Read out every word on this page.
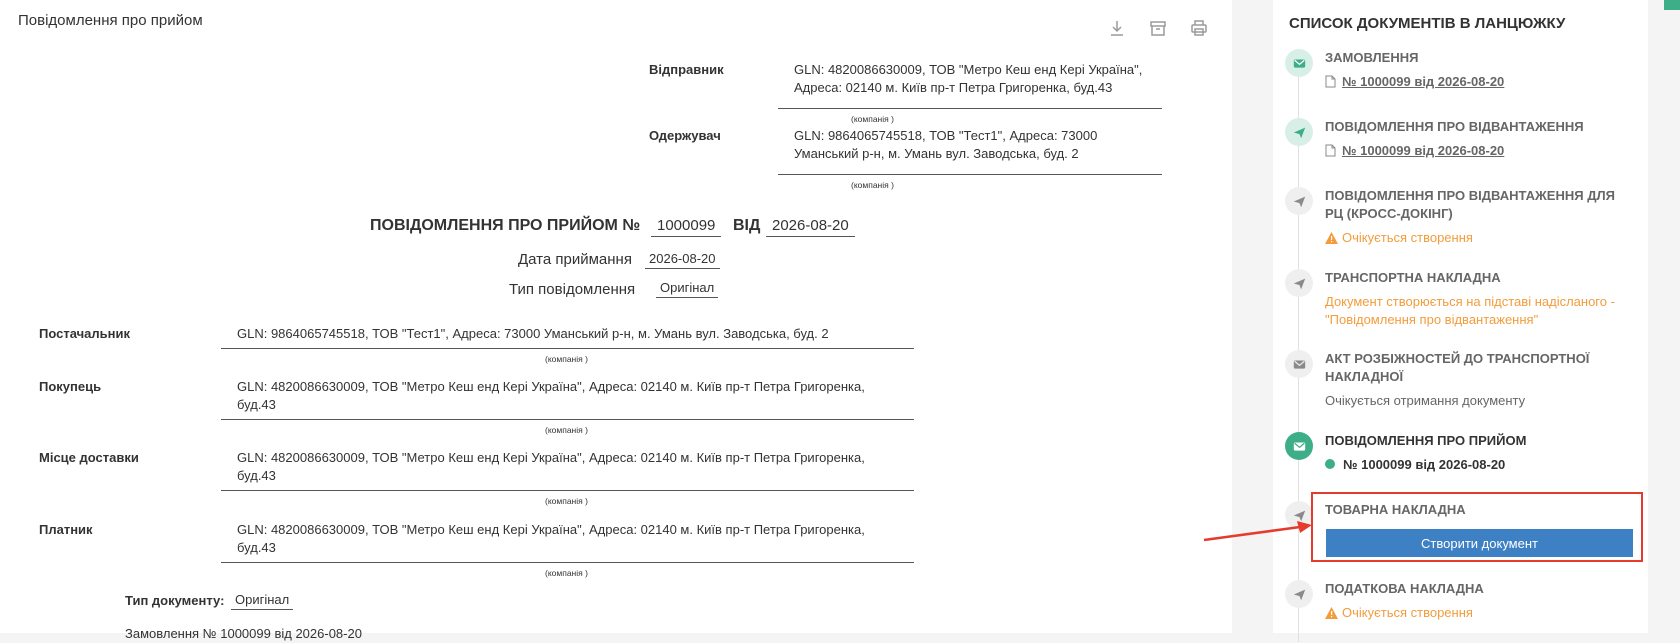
Повідомлення про прийом
Відправник	GLN: 4820086630009, ТОВ "Метро Кеш енд Кері Україна",
Адреса: 02140 м. Київ пр-т Петра Григоренка, буд.43
(компанія )
Одержувач	GLN: 9864065745518, ТОВ "Тест1", Адреса: 73000
Уманський р-н, м. Умань вул. Заводська, буд. 2
(компанія )
ПОВІДОМЛЕННЯ ПРО ПРИЙОМ №	1000099	ВІД 2026-08-20
Дата приймання	2026-08-20
Тип повідомлення	Оригінал
Постачальник	GLN: 9864065745518, ТОВ "Тест1", Адреса: 73000 Уманський р-н, м. Умань вул. Заводська, буд. 2
(компанія )
Покупець	GLN: 4820086630009, ТОВ "Метро Кеш енд Кері Україна", Адреса: 02140 м. Київ пр-т Петра Григоренка,
буд.43
(компанія )
Місце доставки	GLN: 4820086630009, ТОВ "Метро Кеш енд Кері Україна", Адреса: 02140 м. Київ пр-т Петра Григоренка,
буд.43
(компанія )
Платник	GLN: 4820086630009, ТОВ "Метро Кеш енд Кері Україна", Адреса: 02140 м. Київ пр-т Петра Григоренка,
буд.43
(компанія )
Тип документу: Оригінал
Замовлення № 1000099 від 2026-08-20
СПИСОК ДОКУМЕНТІВ В ЛАНЦЮЖКУ
ЗАМОВЛЕННЯ
№ 1000099 від 2026-08-20
ПОВІДОМЛЕННЯ ПРО ВІДВАНТАЖЕННЯ
№ 1000099 від 2026-08-20
ПОВІДОМЛЕННЯ ПРО ВІДВАНТАЖЕННЯ ДЛЯ РЦ (КРОСС-ДОКІНГ)
Очікується створення
ТРАНСПОРТНА НАКЛАДНА
Документ створюється на підставі надісланого - "Повідомлення про відвантаження"
АКТ РОЗБІЖНОСТЕЙ ДО ТРАНСПОРТНОЇ НАКЛАДНОЇ
Очікується отримання документу
ПОВІДОМЛЕННЯ ПРО ПРИЙОМ
№ 1000099 від 2026-08-20
ТОВАРНА НАКЛАДНА
Створити документ
ПОДАТКОВА НАКЛАДНА
Очікується створення
